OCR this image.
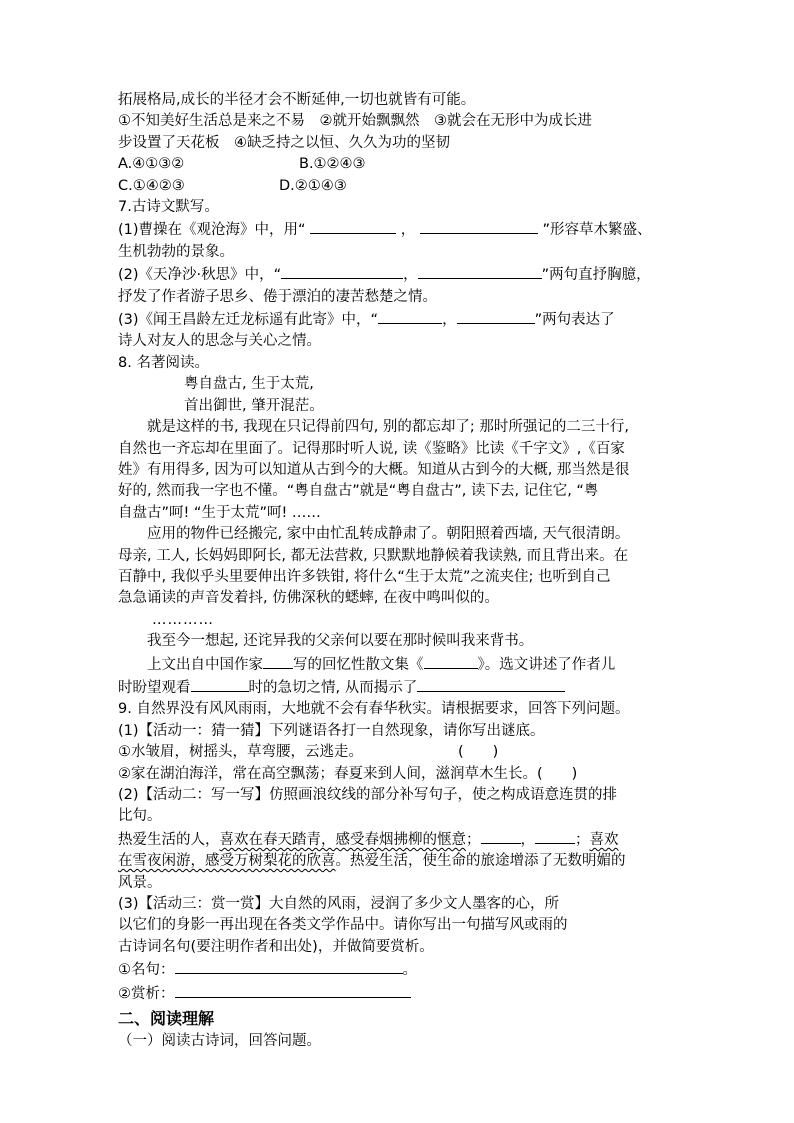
拓展格局,成长的半径才会不断延伸,一切也就皆有可能。
①不知美好生活总是来之不易　②就开始飘飘然　③就会在无形中为成长进
步设置了天花板　④缺乏持之以恒、久久为功的坚韧
A.④①③②	B.①②④③
C.①④②③	D.②①④③
7.古诗文默写。
(1)曹操在《观沧海》中，用“	，	”形容草木繁盛、
生机勃勃的景象。
(2)《天净沙·秋思》中，“	，	”两句直抒胸臆，
抒发了作者游子思乡、倦于漂泊的凄苦愁楚之情。
(3)《闻王昌龄左迁龙标遥有此寄》中，“	，	”两句表达了
诗人对友人的思念与关心之情。
8. 名著阅读。
粤自盘古, 生于太荒,
首出御世, 肇开混茫。
就是这样的书, 我现在只记得前四句, 别的都忘却了; 那时所强记的二三十行,
自然也一齐忘却在里面了。记得那时听人说, 读《鉴略》比读《千字文》,《百家
姓》有用得多, 因为可以知道从古到今的大概。知道从古到今的大概, 那当然是很
好的, 然而我一字也不懂。“粤自盘古”就是“粤自盘古”, 读下去, 记住它, “粤
自盘古”呵! “生于太荒”呵! ……
应用的物件已经搬完, 家中由忙乱转成静肃了。朝阳照着西墙, 天气很清朗。
母亲, 工人, 长妈妈即阿长, 都无法营救, 只默默地静候着我读熟, 而且背出来。在
百静中, 我似乎头里要伸出许多铁钳, 将什么“生于太荒”之流夹住; 也听到自己
急急诵读的声音发着抖, 仿佛深秋的蟋蟀, 在夜中鸣叫似的。
…………
我至今一想起, 还诧异我的父亲何以要在那时候叫我来背书。
上文出自中国作家 写的回忆性散文集《	》。选文讲述了作者儿
时盼望观看	时的急切之情, 从而揭示了
9. 自然界没有风风雨雨，大地就不会有春华秋实。请根据要求，回答下列问题。
(1)【活动一：猜一猜】下列谜语各打一自然现象，请你写出谜底。
①水皱眉，树摇头，草弯腰，云逃走。	(　　)
②家在湖泊海洋，常在高空飘荡；春夏来到人间，滋润草木生长。(　　)
(2)【活动二：写一写】仿照画浪纹线的部分补写句子，使之构成语意连贯的排
比句。
热爱生活的人，喜欢在春天踏青，感受春烟拂柳的惬意；	，	；喜欢
在雪夜闲游，感受万树梨花的欣喜。热爱生活，使生命的旅途增添了无数明媚的
风景。
(3)【活动三：赏一赏】大自然的风雨，浸润了多少文人墨客的心，所
以它们的身影一再出现在各类文学作品中。请你写出一句描写风或雨的
古诗词名句(要注明作者和出处)，并做简要赏析。
①名句：	。
②赏析：
二、阅读理解
（一）阅读古诗词，回答问题。
